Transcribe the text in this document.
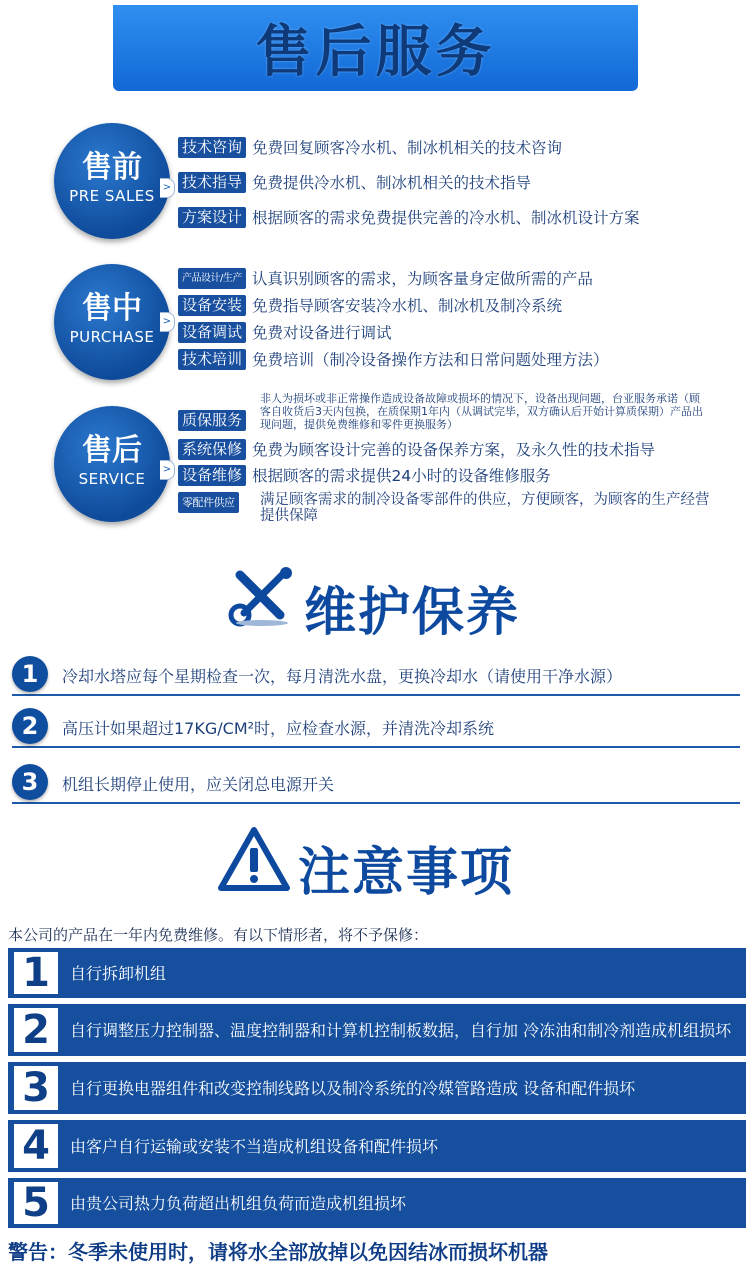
售后服务
售前
PRE SALES >
技术咨询 免费回复顾客冷水机、制冰机相关的技术咨询
技术指导 免费提供冷水机、制冰机相关的技术指导
方案设计 根据顾客的需求免费提供完善的冷水机、制冰机设计方案
售中
PURCHASE
>
产品设计/生产 认真识别顾客的需求，为顾客量身定做所需的产品
设备安装 免费指导顾客安装冷水机、制冰机及制冷系统
设备调试 免费对设备进行调试
技术培训 免费培训（制冷设备操作方法和日常问题处理方法）
售后
SERVICE
>
质保服务
非人为损坏或非正常操作造成设备故障或损坏的情况下，设备出现问题，台亚服务承诺（顾客自收货后3天内包换，在质保期1年内（从调试完毕，双方确认后开始计算质保期）产品出现问题，提供免费维修和零件更换服务）
系统保修 免费为顾客设计完善的设备保养方案，及永久性的技术指导
设备维修 根据顾客的需求提供24小时的设备维修服务
零配件供应 满足顾客需求的制冷设备零部件的供应，方便顾客，为顾客的生产经营提供保障
维护保养
1	冷却水塔应每个星期检查一次，每月清洗水盘，更换冷却水（请使用干净水源）
2	高压计如果超过17KG/CM²时，应检查水源，并清洗冷却系统
3	机组长期停止使用，应关闭总电源开关
注意事项
本公司的产品在一年内免费维修。有以下情形者，将不予保修：
1	自行拆卸机组
2	自行调整压力控制器、温度控制器和计算机控制板数据，自行加 冷冻油和制冷剂造成机组损坏
3	自行更换电器组件和改变控制线路以及制冷系统的冷媒管路造成 设备和配件损坏
4	由客户自行运输或安装不当造成机组设备和配件损坏
5	由贵公司热力负荷超出机组负荷而造成机组损坏
警告：冬季未使用时，请将水全部放掉以免因结冰而损坏机器
